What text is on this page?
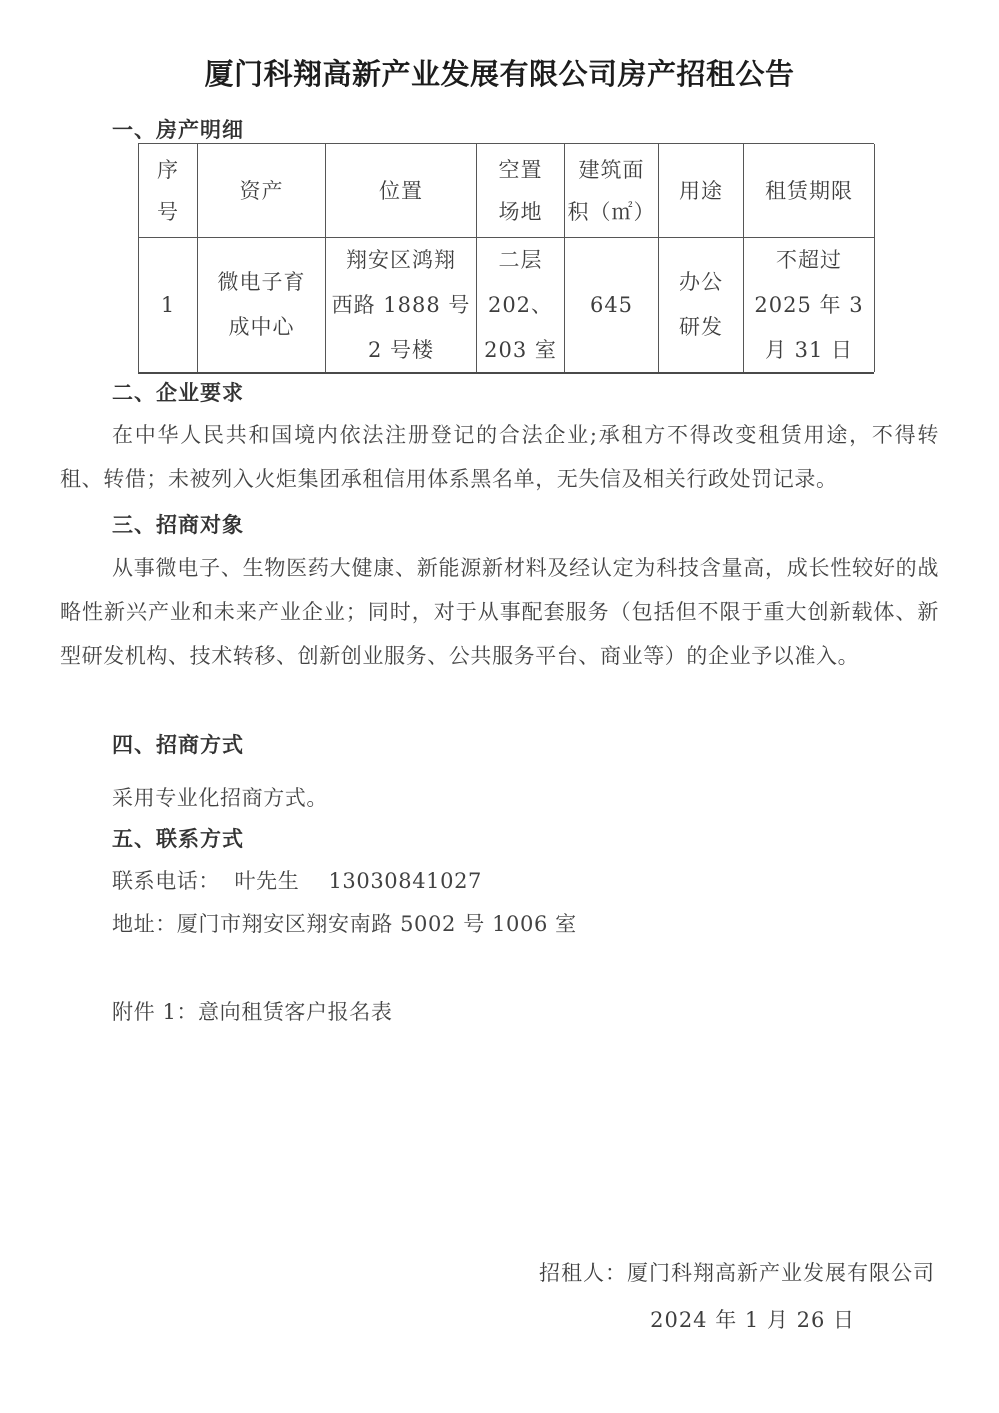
厦门科翔高新产业发展有限公司房产招租公告
一、房产明细
序
号
资产	位置
空置
场地
建筑面
积（㎡）
用途 租赁期限
1
微电子育
成中心
翔安区鸿翔
西路 1888 号
2 号楼
二层
202、
203 室
645
办公
研发
不超过
2025 年 3
月 31 日
二、企业要求
在中华人民共和国境内依法注册登记的合法企业;承租方不得改变租赁用途，不得转租、转借；未被列入火炬集团承租信用体系黑名单，无失信及相关行政处罚记录。
三、招商对象
从事微电子、生物医药大健康、新能源新材料及经认定为科技含量高，成长性较好的战略性新兴产业和未来产业企业；同时，对于从事配套服务（包括但不限于重大创新载体、新型研发机构、技术转移、创新创业服务、公共服务平台、商业等）的企业予以准入。
四、招商方式
采用专业化招商方式。
五、联系方式
联系电话：  叶先生    13030841027
地址：厦门市翔安区翔安南路 5002 号 1006 室
附件 1：意向租赁客户报名表
招租人：厦门科翔高新产业发展有限公司
2024 年 1 月 26 日
